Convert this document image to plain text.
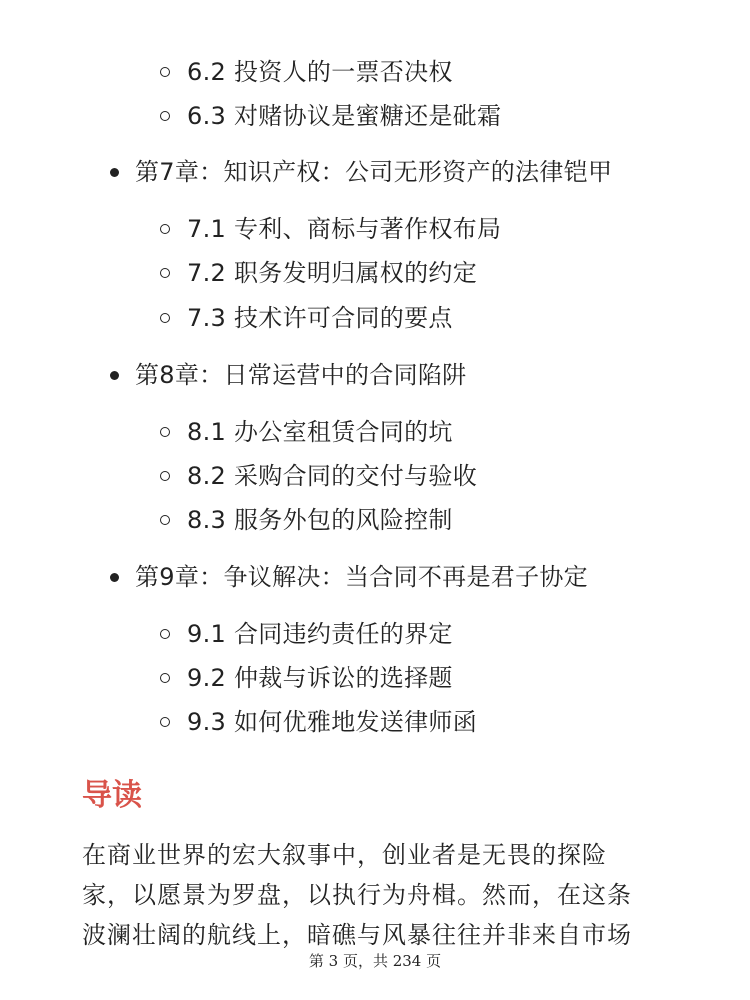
6.2 投资人的一票否决权
6.3 对赌协议是蜜糖还是砒霜
第7章：知识产权：公司无形资产的法律铠甲
7.1 专利、商标与著作权布局
7.2 职务发明归属权的约定
7.3 技术许可合同的要点
第8章：日常运营中的合同陷阱
8.1 办公室租赁合同的坑
8.2 采购合同的交付与验收
8.3 服务外包的风险控制
第9章：争议解决：当合同不再是君子协定
9.1 合同违约责任的界定
9.2 仲裁与诉讼的选择题
9.3 如何优雅地发送律师函
导读
在商业世界的宏大叙事中，创业者是无畏的探险
家，以愿景为罗盘，以执行为舟楫。然而，在这条
波澜壮阔的航线上，暗礁与风暴往往并非来自市场
第 3 页，共 234 页
